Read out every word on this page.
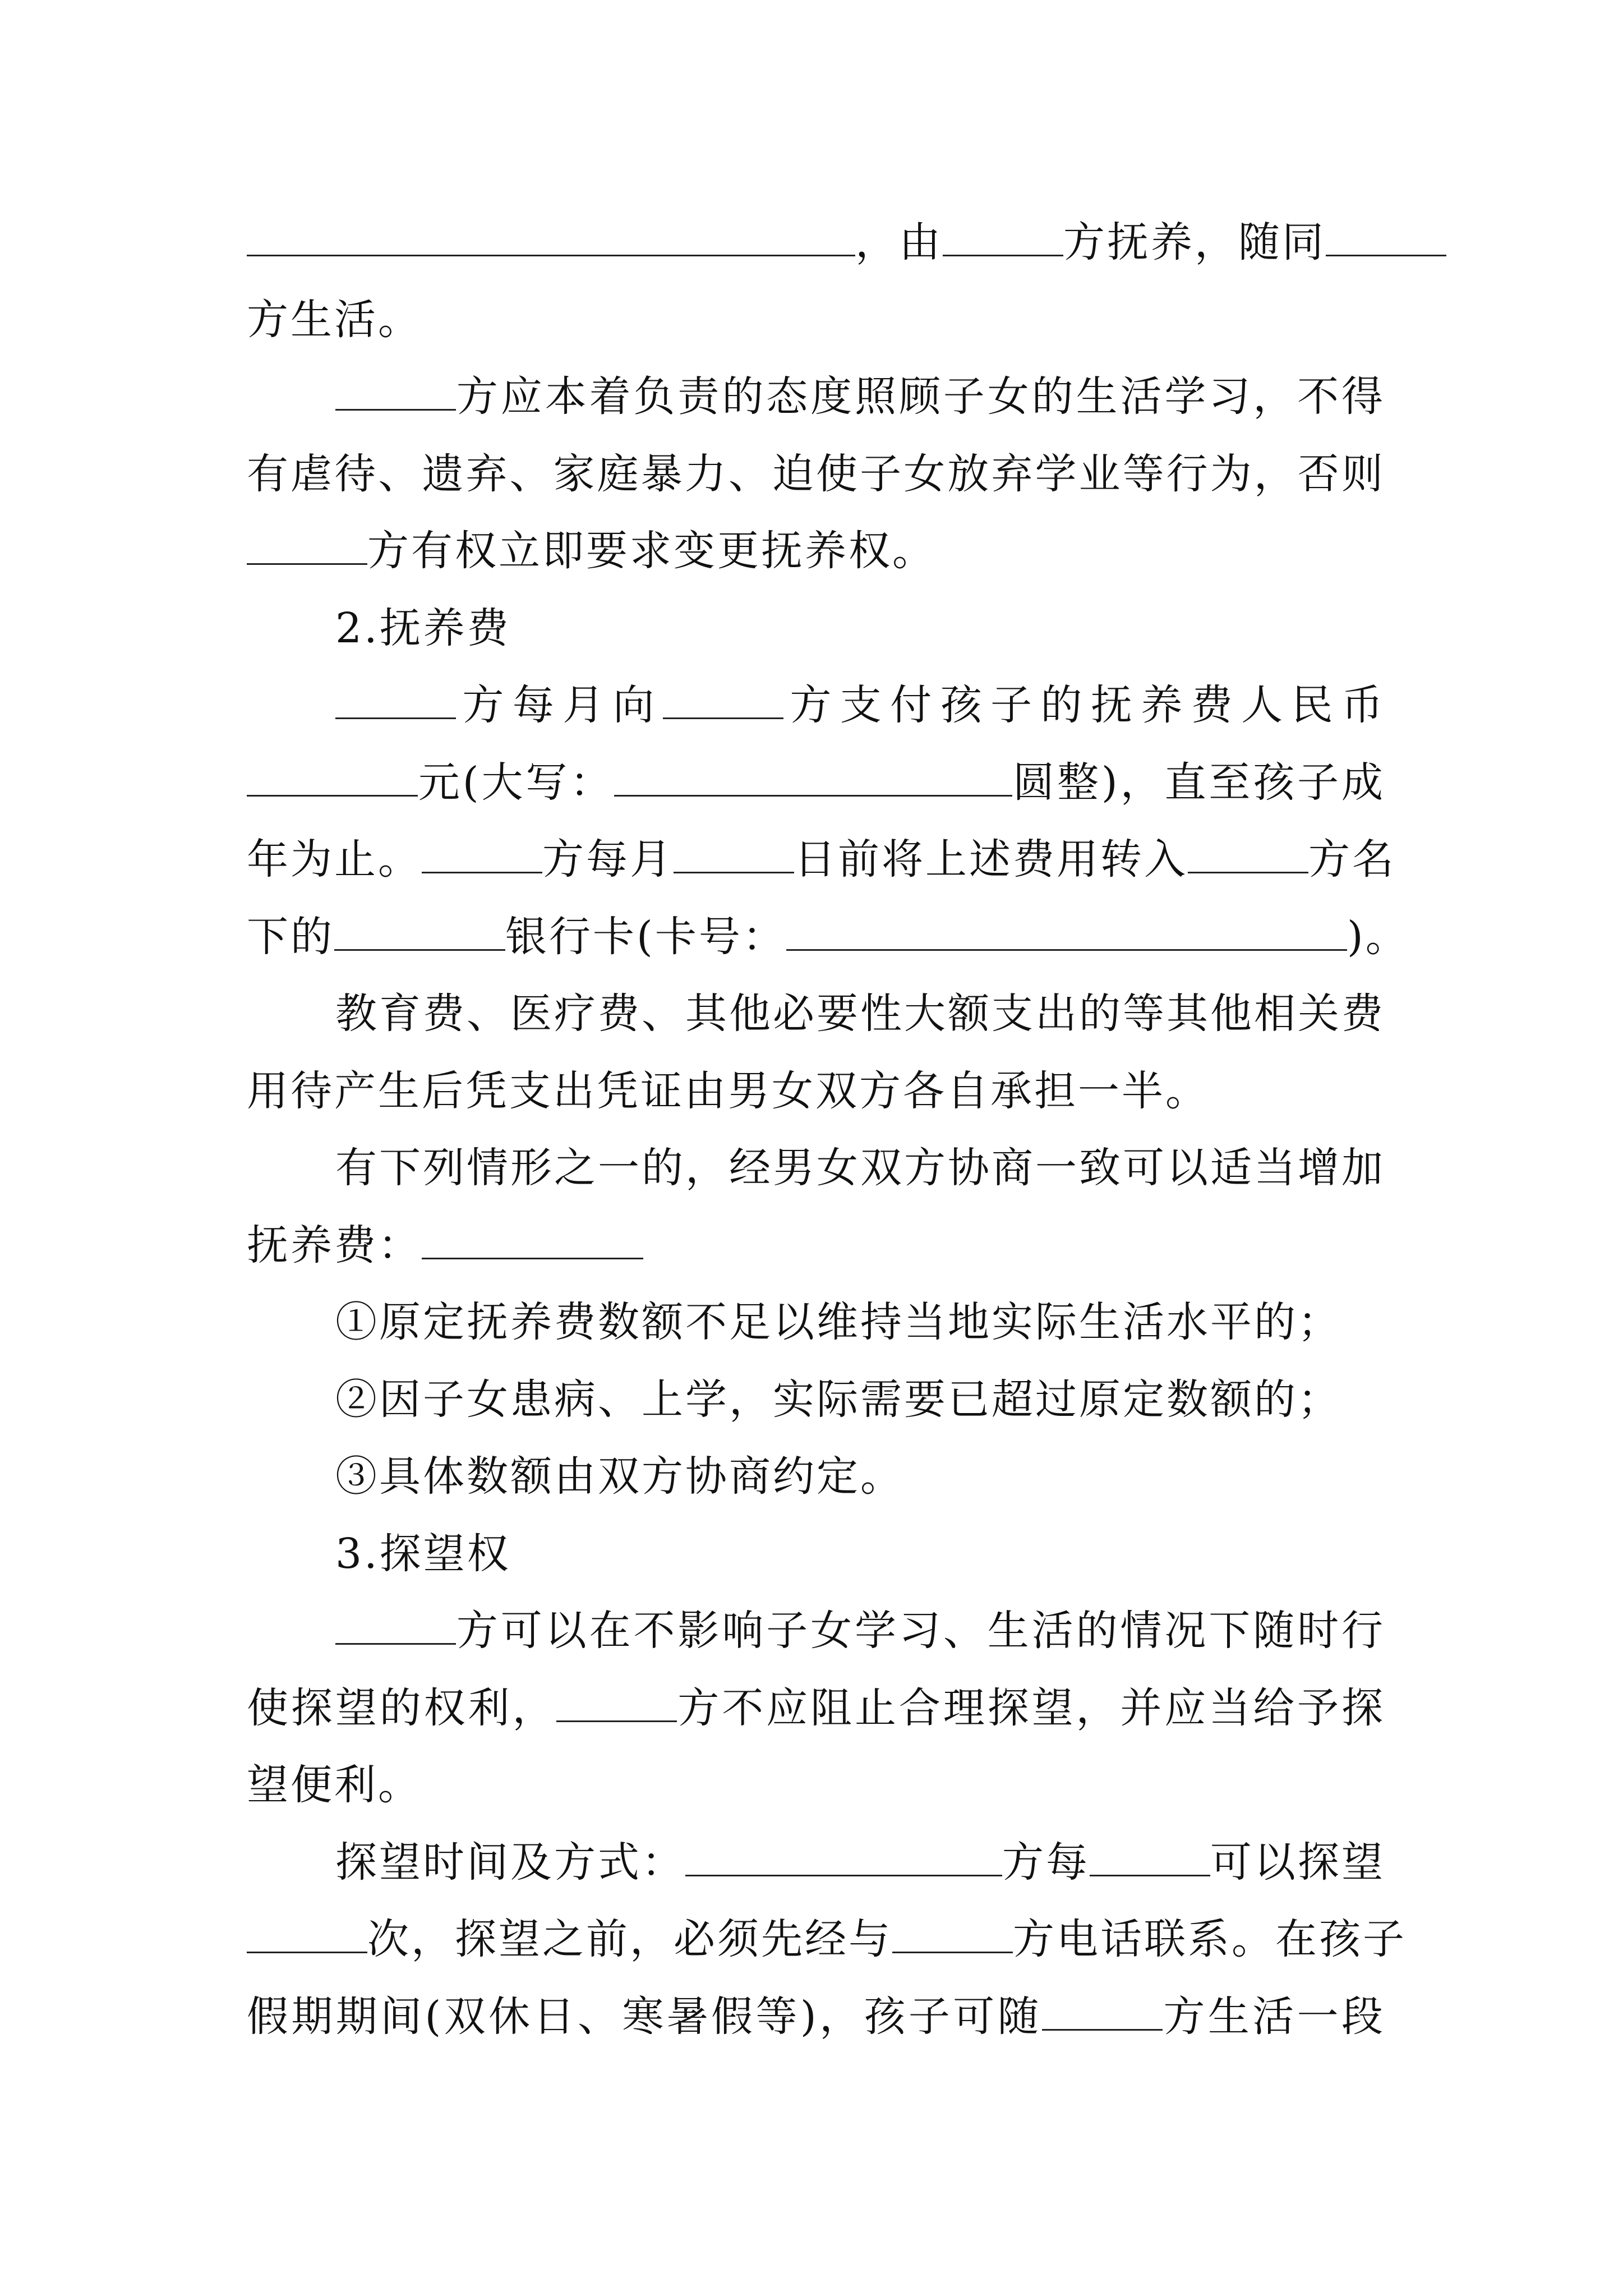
，由	方抚养，随同
方生活。
方应本着负责的态度照顾子女的生活学习，不得
有虐待、遗弃、家庭暴力、迫使子女放弃学业等行为，否则
方有权立即要求变更抚养权。
2.抚养费
方每月向	方支付孩子的抚养费人民币
元(大写：	圆整)，直至孩子成
年为止。	方每月	日前将上述费用转入	方名
下的	银行卡(卡号：	)。
教育费、医疗费、其他必要性大额支出的等其他相关费
用待产生后凭支出凭证由男女双方各自承担一半。
有下列情形之一的，经男女双方协商一致可以适当增加
抚养费：
①原定抚养费数额不足以维持当地实际生活水平的；
②因子女患病、上学，实际需要已超过原定数额的；
③具体数额由双方协商约定。
3.探望权
方可以在不影响子女学习、生活的情况下随时行
使探望的权利，	方不应阻止合理探望，并应当给予探
望便利。
探望时间及方式：	方每	可以探望
次，探望之前，必须先经与	方电话联系。在孩子
假期期间(双休日、寒暑假等)，孩子可随	方生活一段
